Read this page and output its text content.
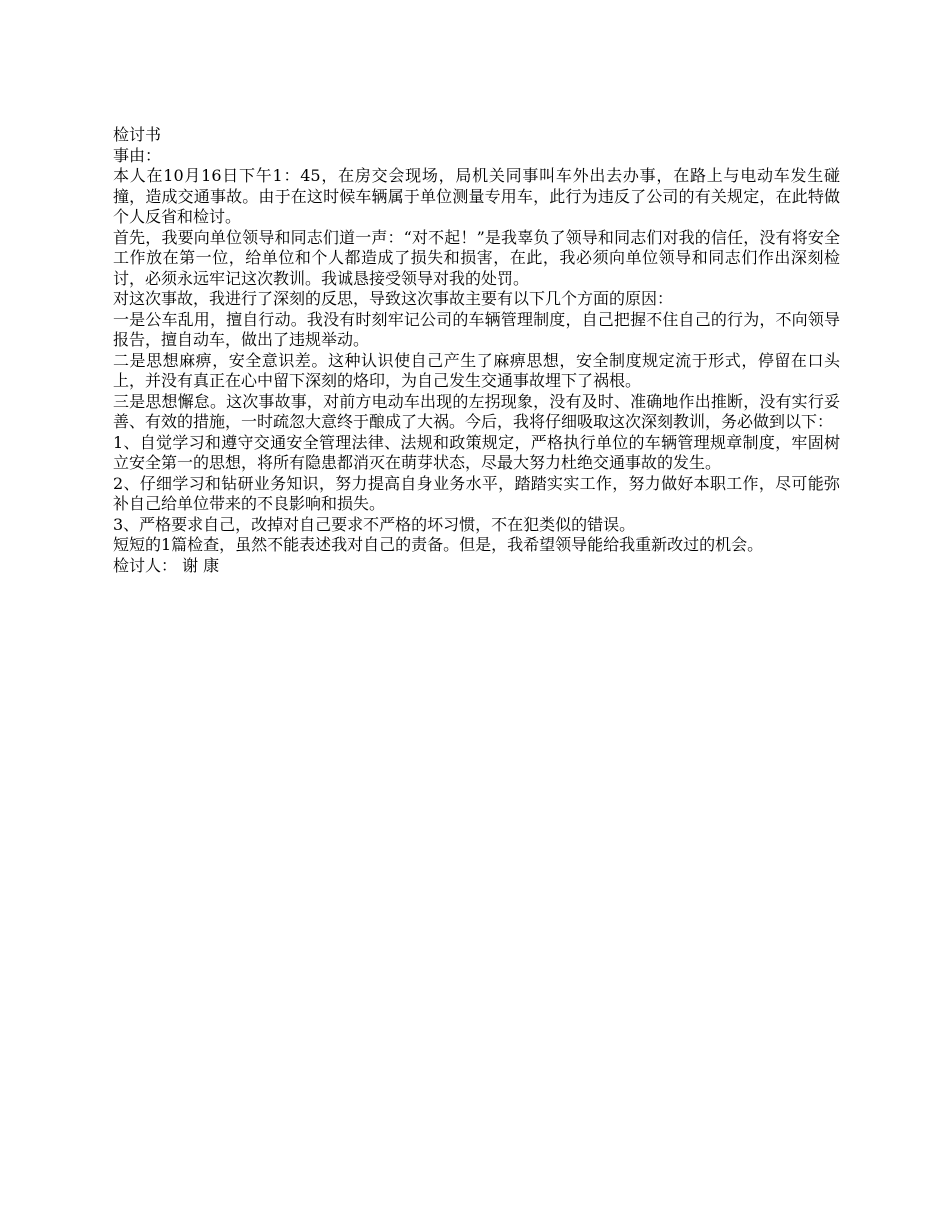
检讨书

事由：

本人在10月16日下午1：45，在房交会现场，局机关同事叫车外出去办事，在路上与电动车发生碰撞，造成交通事故。由于在这时候车辆属于单位测量专用车，此行为违反了公司的有关规定，在此特做个人反省和检讨。

首先，我要向单位领导和同志们道一声：“对不起！”是我辜负了领导和同志们对我的信任，没有将安全工作放在第一位，给单位和个人都造成了损失和损害，在此，我必须向单位领导和同志们作出深刻检讨，必须永远牢记这次教训。我诚恳接受领导对我的处罚。

对这次事故，我进行了深刻的反思，导致这次事故主要有以下几个方面的原因：

一是公车乱用，擅自行动。我没有时刻牢记公司的车辆管理制度，自己把握不住自己的行为，不向领导报告，擅自动车，做出了违规举动。

二是思想麻痹，安全意识差。这种认识使自己产生了麻痹思想，安全制度规定流于形式，停留在口头上，并没有真正在心中留下深刻的烙印，为自己发生交通事故埋下了祸根。

三是思想懈怠。这次事故事，对前方电动车出现的左拐现象，没有及时、准确地作出推断，没有实行妥善、有效的措施，一时疏忽大意终于酿成了大祸。今后，我将仔细吸取这次深刻教训，务必做到以下：

1、自觉学习和遵守交通安全管理法律、法规和政策规定，严格执行单位的车辆管理规章制度，牢固树立安全第一的思想，将所有隐患都消灭在萌芽状态，尽最大努力杜绝交通事故的发生。

2、仔细学习和钻研业务知识，努力提高自身业务水平，踏踏实实工作，努力做好本职工作，尽可能弥补自己给单位带来的不良影响和损失。

3、严格要求自己，改掉对自己要求不严格的坏习惯，不在犯类似的错误。

短短的1篇检查，虽然不能表述我对自己的责备。但是，我希望领导能给我重新改过的机会。

检讨人： 谢 康
